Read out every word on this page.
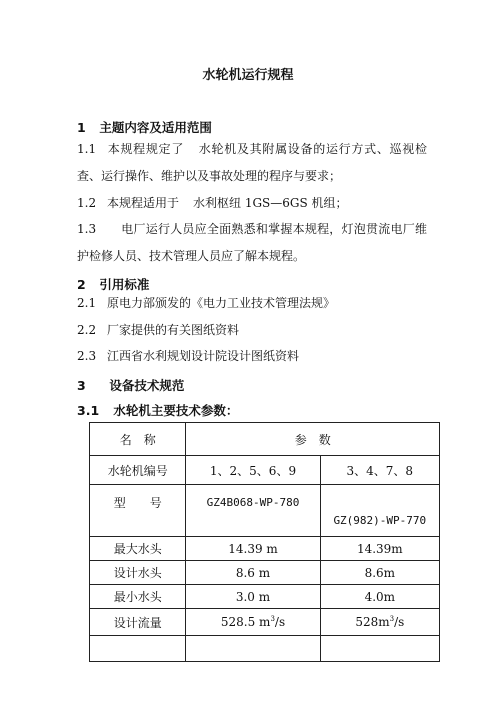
水轮机运行规程
1 主题内容及适用范围
1.1 本规程规定了 水轮机及其附属设备的运行方式、巡视检查、运行操作、维护以及事故处理的程序与要求；
1.2 本规程适用于 水利枢纽 1GS—6GS 机组；
1.3 电厂运行人员应全面熟悉和掌握本规程，灯泡贯流电厂维护检修人员、技术管理人员应了解本规程。
2 引用标准
2.1 原电力部颁发的《电力工业技术管理法规》
2.2 厂家提供的有关图纸资料
2.3 江西省水利规划设计院设计图纸资料
3 设备技术规范
3.1 水轮机主要技术参数：
名　称	参　数	
水轮机编号	1、2、5、6、9	3、4、7、8

型　　号	GZ4B068-WP-780	GZ(982)-WP-770

最大水头	14.39 m	14.39m
设计水头	8.6 m	8.6m
最小水头	3.0 m	4.0m
设计流量	528.5 $m^3/s$	$528m^3/s$
